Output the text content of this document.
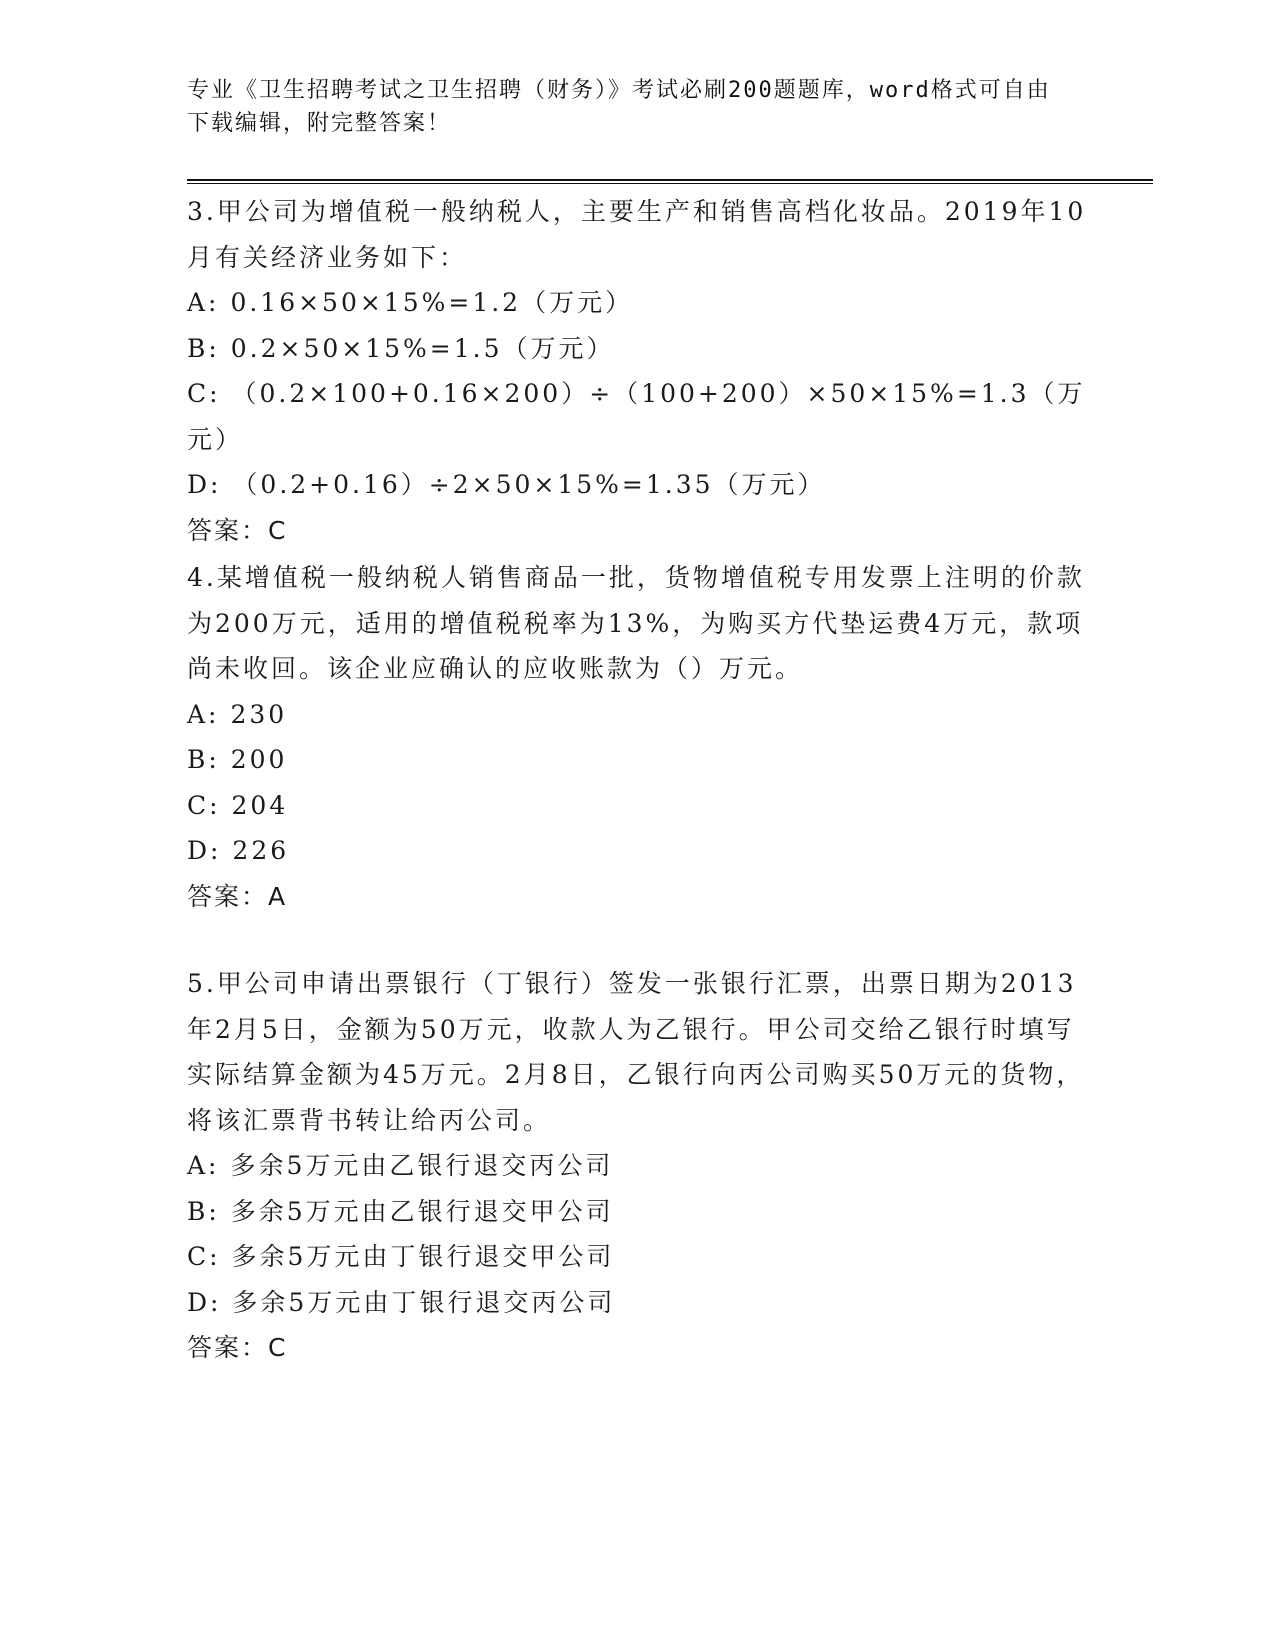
专业《卫生招聘考试之卫生招聘（财务）》考试必刷200题题库，word格式可自由下载编辑，附完整答案！
3.甲公司为增值税一般纳税人，主要生产和销售高档化妆品。2019年10月有关经济业务如下：
A: 0.16×50×15%=1.2（万元）
B: 0.2×50×15%=1.5（万元）
C: （0.2×100+0.16×200）÷（100+200）×50×15%=1.3（万元）
D: （0.2+0.16）÷2×50×15%=1.35（万元）
答案：C
4.某增值税一般纳税人销售商品一批，货物增值税专用发票上注明的价款为200万元，适用的增值税税率为13%，为购买方代垫运费4万元，款项尚未收回。该企业应确认的应收账款为（）万元。
A: 230
B: 200
C: 204
D: 226
答案：A
5.甲公司申请出票银行（丁银行）签发一张银行汇票，出票日期为2013年2月5日，金额为50万元，收款人为乙银行。甲公司交给乙银行时填写实际结算金额为45万元。2月8日，乙银行向丙公司购买50万元的货物，将该汇票背书转让给丙公司。
A: 多余5万元由乙银行退交丙公司
B: 多余5万元由乙银行退交甲公司
C: 多余5万元由丁银行退交甲公司
D: 多余5万元由丁银行退交丙公司
答案：C
